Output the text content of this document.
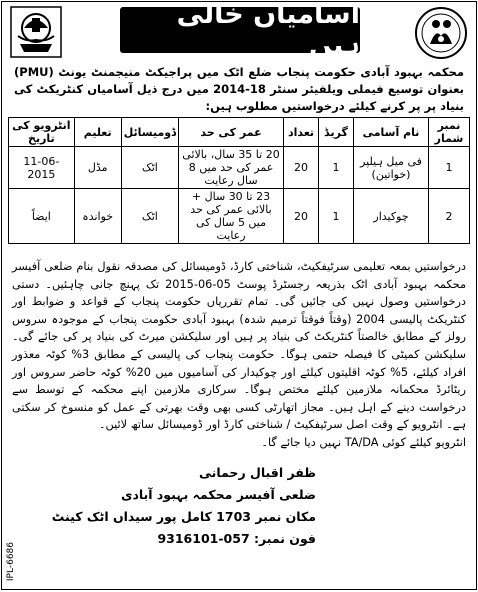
آسامیاں خالی ہیں
محکمہ بہبود آبادی حکومت پنجاب ضلع اٹک میں پراجیکٹ منیجمنٹ یونٹ (PMU) بعنوان توسیع فیملی ویلفیئر سنٹر 18-2014 میں درج ذیل آسامیاں کنٹریکٹ کی بنیاد پر پر کرنے کیلئے درخواستیں مطلوب ہیں:
نمبر شمار	نام آسامی	گریڈ	تعداد	عمر کی حد	ڈومیسائل	تعلیم	انٹرویو کی تاریخ
1	فی میل ہیلپر (خواتین)	1	20	20 تا 35 سال، بالائی عمر کی حد میں 8 سال رعایت	اٹک	مڈل	11-06-2015
2	چوکیدار	1	20	23 تا 30 سال + بالائی عمر کی حد میں 5 سال کی رعایت	اٹک	خواندہ	ایضاً

درخواستیں بمعہ تعلیمی سرٹیفکیٹ، شناختی کارڈ، ڈومیسائل کی مصدقہ نقول بنام ضلعی آفیسر محکمہ بہبود آبادی اٹک بذریعہ رجسٹرڈ پوسٹ 05-06-2015 تک پہنچ جانی چاہئیں۔ دستی درخواستیں وصول نہیں کی جائیں گی۔ تمام تقرریاں حکومت پنجاب کے قواعد و ضوابط اور کنٹریکٹ پالیسی 2004 (وقتاً فوقتاً ترمیم شدہ) بہبود آبادی حکومت پنجاب کے موجودہ سروس رولز کے مطابق خالصتاً کنٹریکٹ کی بنیاد پر ہیں اور سلیکشن میرٹ کی بنیاد پر کی جائے گی۔ سلیکشن کمیٹی کا فیصلہ حتمی ہوگا۔ حکومت پنجاب کی پالیسی کے مطابق 3% کوٹہ معذور افراد کیلئے، 5% کوٹہ اقلیتوں کیلئے اور چوکیدار کی آسامیوں میں 20% کوٹہ حاضر سروس اور ریٹائرڈ محکمانہ ملازمین کیلئے مختص ہوگا۔ سرکاری ملازمین اپنے محکمہ کے توسط سے درخواست دینے کے اہل ہیں۔ مجاز اتھارٹی کسی بھی وقت بھرتی کے عمل کو منسوخ کر سکتی ہے۔ انٹرویو کے وقت اصل سرٹیفکیٹ / شناختی کارڈ اور ڈومیسائل ساتھ لائیں۔

انٹرویو کیلئے کوئی TA/DA نہیں دیا جائے گا۔

ظفر اقبال رحمانی
ضلعی آفیسر محکمہ بہبود آبادی
مکان نمبر 1703 کامل پور سیداں اٹک کینٹ
فون نمبر: 057-9316101
IPL-6686
